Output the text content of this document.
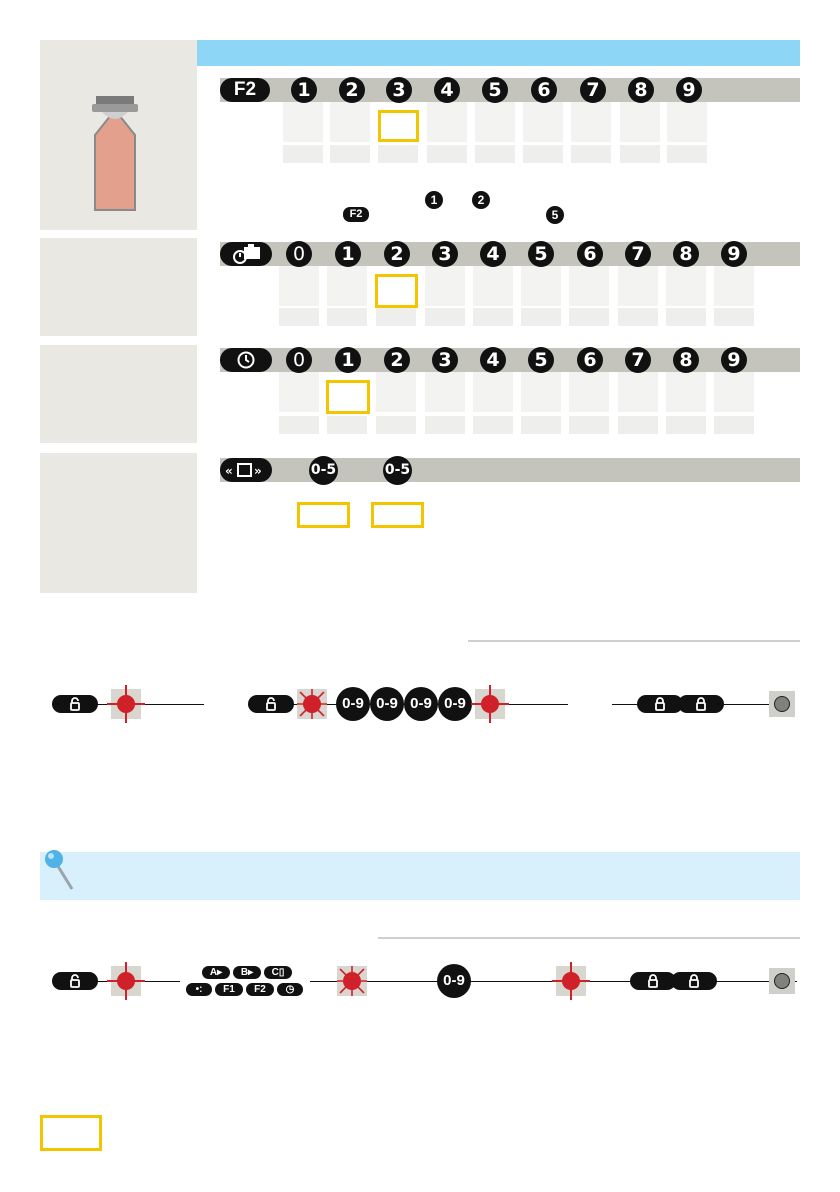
F2	1	2	3	4	5	6	7	8	9
1	2
F2	5
0	1	2	3	4	5	6	7	8	9
0	1	2	3	4	5	6	7	8	9
« »	0-5	0-5
0-9 0-9 0-9 0-9
A▸	B▸	C▯
•:	F1	F2	◷
0-9
